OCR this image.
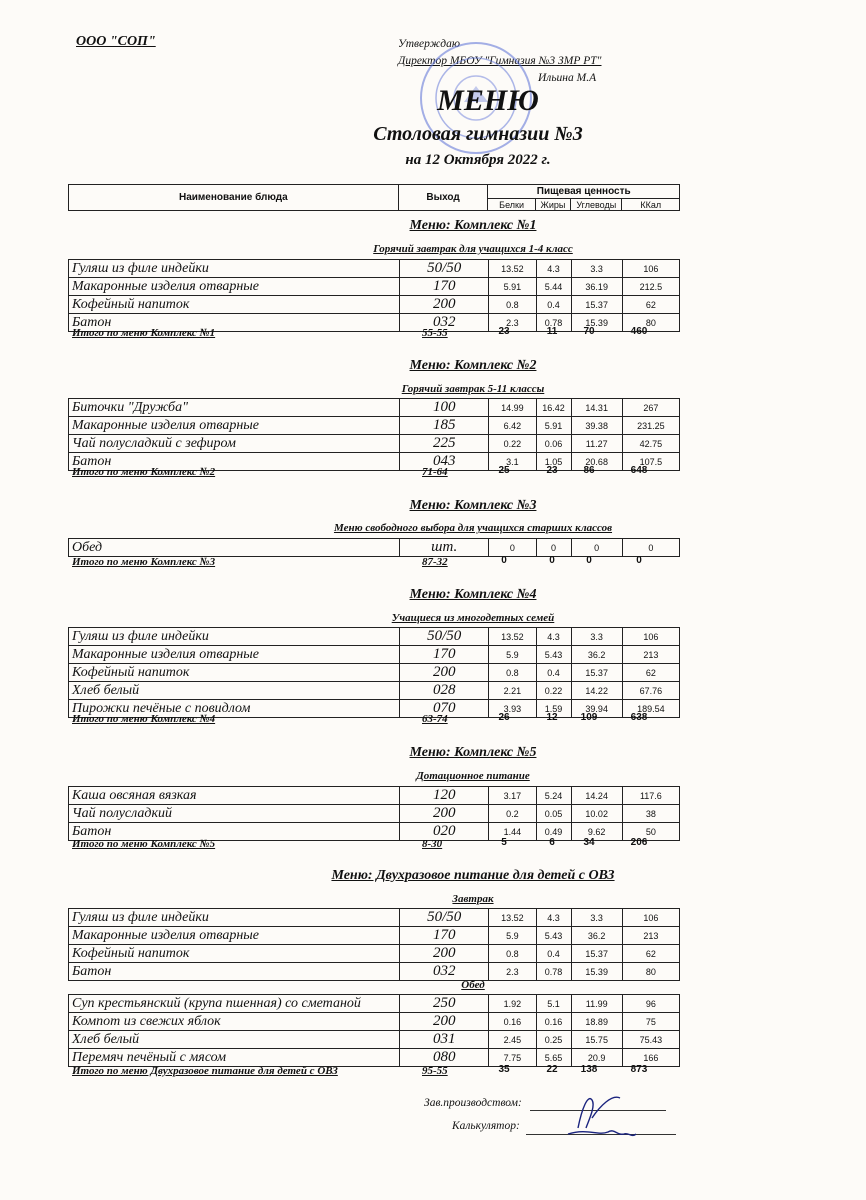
ООО "СОП"	Утверждаю
Директор МБОУ "Гимназия №3 ЗМР РТ"
Ильина М.А
МЕНЮ
Столовая гимназии №3
на 12 Октября 2022 г.
Наименование блюда	Выход	Пищевая ценность			
		Белки	Жиры	Углеводы	ККал
Меню: Комплекс №1
Горячий завтрак для учащихся 1-4 класс
Гуляш из филе индейки	50/50	13.52	4.3	3.3	106
Макаронные изделия отварные	170	5.91	5.44	36.19	212.5
Кофейный напиток	200	0.8	0.4	15.37	62
Батон	032	2.3	0.78	15.39	80
Итого по меню Комплекс №1	55-55	23	11	70	460
Меню: Комплекс №2
Горячий завтрак 5-11 классы
Биточки "Дружба"	100	14.99	16.42	14.31	267
Макаронные изделия отварные	185	6.42	5.91	39.38	231.25
Чай полусладкий с зефиром	225	0.22	0.06	11.27	42.75
Батон	043	3.1	1.05	20.68	107.5
Итого по меню Комплекс №2	71-64	25	23	86	648
Меню: Комплекс №3
Меню свободного выбора для учащихся старших классов
Обед	шт.	0	0	0	0
Итого по меню Комплекс №3	87-32	0	0	0	0
Меню: Комплекс №4
Учащиеся из многодетных семей
Гуляш из филе индейки	50/50	13.52	4.3	3.3	106
Макаронные изделия отварные	170	5.9	5.43	36.2	213
Кофейный напиток	200	0.8	0.4	15.37	62
Хлеб белый	028	2.21	0.22	14.22	67.76
Пирожки печёные с повидлом	070	3.93	1.59	39.94	189.54
Итого по меню Комплекс №4	63-74	26	12	109	638
Меню: Комплекс №5
Дотационное питание
Каша овсяная вязкая	120	3.17	5.24	14.24	117.6
Чай полусладкий	200	0.2	0.05	10.02	38
Батон	020	1.44	0.49	9.62	50
Итого по меню Комплекс №5	8-30	5	6	34	206
Меню: Двухразовое питание для детей с ОВЗ
Завтрак
Гуляш из филе индейки	50/50	13.52	4.3	3.3	106
Макаронные изделия отварные	170	5.9	5.43	36.2	213
Кофейный напиток	200	0.8	0.4	15.37	62
Батон	032	2.3	0.78	15.39	80
Обед
Суп крестьянский (крупа пшенная) со сметаной	250	1.92	5.1	11.99	96
Компот из свежих яблок	200	0.16	0.16	18.89	75
Хлеб белый	031	2.45	0.25	15.75	75.43
Перемяч печёный с мясом	080	7.75	5.65	20.9	166
Итого по меню Двухразовое питание для детей с ОВЗ	95-55	35	22	138	873
Зав.производством:
Калькулятор:
